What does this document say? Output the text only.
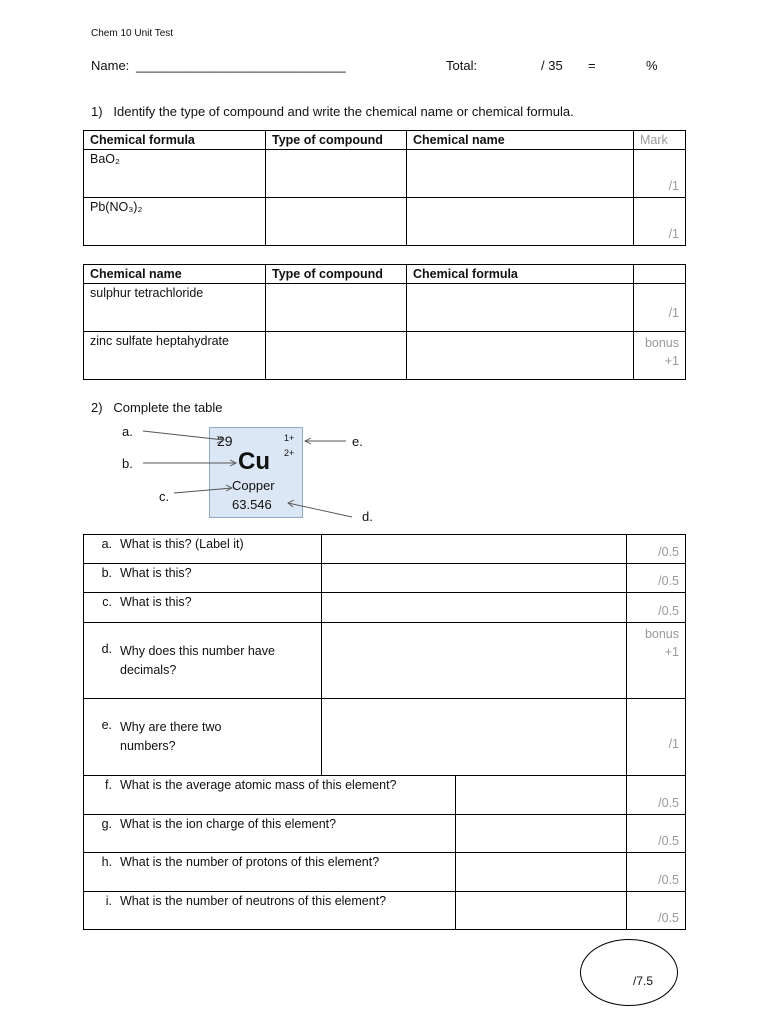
Chem 10 Unit Test
Name: _____________________________	Total:	/ 35 =	%
1)   Identify the type of compound and write the chemical name or chemical formula.
Chemical formula	Type of compound	Chemical name	Mark
BaO₂			/1
Pb(NO₃)₂			/1
Chemical name	Type of compound	Chemical formula	
sulphur tetrachloride			/1

zinc sulfate heptahydrate			bonus
+1
2)   Complete the table
29	1+
2+
Cu
Copper
63.546
a.
b.
c.
d.
e.
a. What is this? (Label it)		/0.5
b. What is this?		/0.5
c. What is this?		/0.5
d. Why does this number have decimals?		bonus
+1

e. Why are there two numbers?		/1
f. What is the average atomic mass of this element?		/0.5
g. What is the ion charge of this element?		/0.5
h. What is the number of protons of this element?		/0.5
i. What is the number of neutrons of this element?		/0.5
/7.5
